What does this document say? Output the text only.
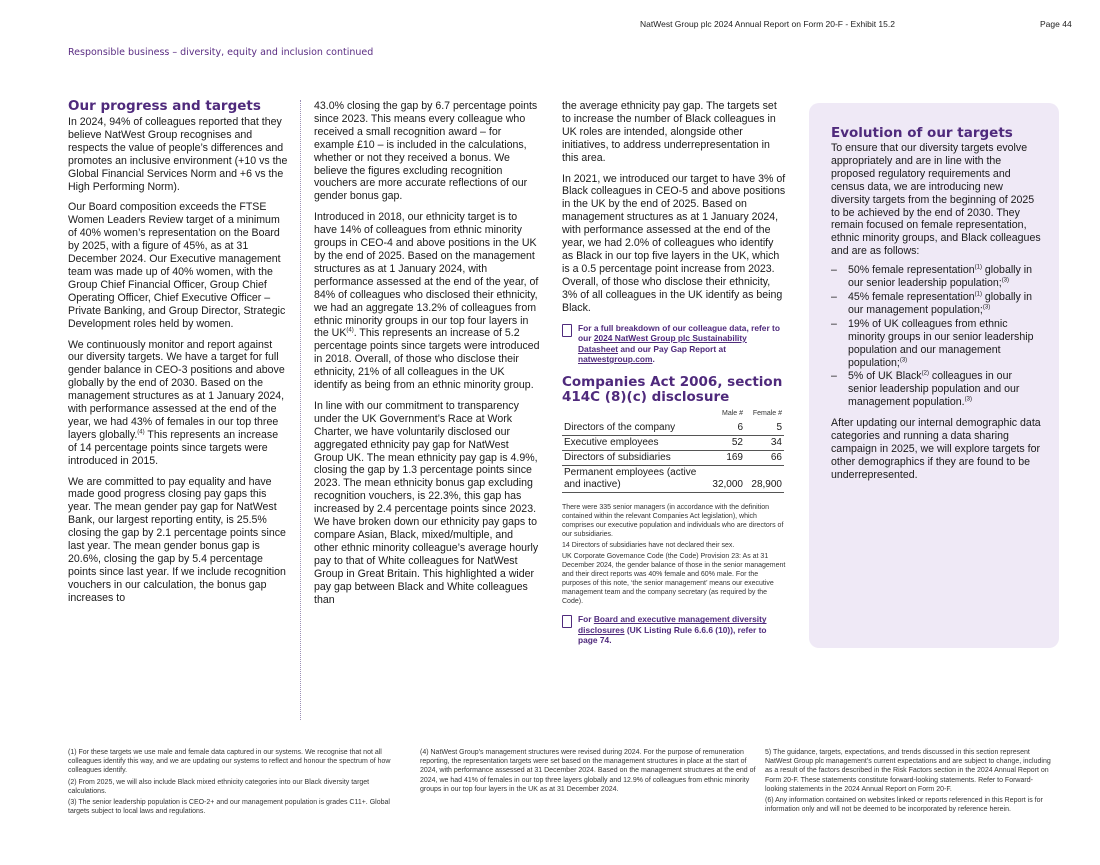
NatWest Group plc 2024 Annual Report on Form 20-F - Exhibit 15.2	Page 44
Responsible business – diversity, equity and inclusion continued
Our progress and targets

In 2024, 94% of colleagues reported that they believe NatWest Group recognises and respects the value of people’s differences and promotes an inclusive environment (+10 vs the Global Financial Services Norm and +6 vs the High Performing Norm).

Our Board composition exceeds the FTSE Women Leaders Review target of a minimum of 40% women’s representation on the Board by 2025, with a figure of 45%, as at 31 December 2024. Our Executive management team was made up of 40% women, with the Group Chief Financial Officer, Group Chief Operating Officer, Chief Executive Officer – Private Banking, and Group Director, Strategic Development roles held by women.

We continuously monitor and report against our diversity targets. We have a target for full gender balance in CEO-3 positions and above globally by the end of 2030. Based on the management structures as at 1 January 2024, with performance assessed at the end of the year, we had 43% of females in our top three layers globally.$^{(4)}$ This represents an increase of 14 percentage points since targets were introduced in 2015.

We are committed to pay equality and have made good progress closing pay gaps this year. The mean gender pay gap for NatWest Bank, our largest reporting entity, is 25.5% closing the gap by 2.1 percentage points since last year. The mean gender bonus gap is 20.6%, closing the gap by 5.4 percentage points since last year. If we include recognition vouchers in our calculation, the bonus gap increases to

43.0% closing the gap by 6.7 percentage points since 2023. This means every colleague who received a small recognition award – for example £10 – is included in the calculations, whether or not they received a bonus. We believe the figures excluding recognition vouchers are more accurate reflections of our gender bonus gap.

Introduced in 2018, our ethnicity target is to have 14% of colleagues from ethnic minority groups in CEO-4 and above positions in the UK by the end of 2025. Based on the management structures as at 1 January 2024, with performance assessed at the end of the year, of 84% of colleagues who disclosed their ethnicity, we had an aggregate 13.2% of colleagues from ethnic minority groups in our top four layers in the UK$^{(4)}$. This represents an increase of 5.2 percentage points since targets were introduced in 2018. Overall, of those who disclose their ethnicity, 21% of all colleagues in the UK identify as being from an ethnic minority group.

In line with our commitment to transparency under the UK Government’s Race at Work Charter, we have voluntarily disclosed our aggregated ethnicity pay gap for NatWest Group UK. The mean ethnicity pay gap is 4.9%, closing the gap by 1.3 percentage points since 2023. The mean ethnicity bonus gap excluding recognition vouchers, is 22.3%, this gap has increased by 2.4 percentage points since 2023. We have broken down our ethnicity pay gaps to compare Asian, Black, mixed/multiple, and other ethnic minority colleague’s average hourly pay to that of White colleagues for NatWest Group in Great Britain. This highlighted a wider pay gap between Black and White colleagues than

the average ethnicity pay gap. The targets set to increase the number of Black colleagues in UK roles are intended, alongside other initiatives, to address underrepresentation in this area.

In 2021, we introduced our target to have 3% of Black colleagues in CEO-5 and above positions in the UK by the end of 2025. Based on management structures as at 1 January 2024, with performance assessed at the end of the year, we had 2.0% of colleagues who identify as Black in our top five layers in the UK, which is a 0.5 percentage point increase from 2023. Overall, of those who disclose their ethnicity, 3% of all colleagues in the UK identify as being Black.

For a full breakdown of our colleague data, refer to our 2024 NatWest Group plc Sustainability Datasheet and our Pay Gap Report at natwestgroup.com.
Companies Act 2006, section 414C (8)(c) disclosure
	Male #	Female #
Directors of the company	6	5
Executive employees	52	34
Directors of subsidiaries	169	66
Permanent employees (active and inactive)	32,000	28,900

There were 335 senior managers (in accordance with the definition contained within the relevant Companies Act legislation), which comprises our executive population and individuals who are directors of our subsidiaries.

14 Directors of subsidiaries have not declared their sex.

UK Corporate Governance Code (the Code) Provision 23: As at 31 December 2024, the gender balance of those in the senior management and their direct reports was 40% female and 60% male. For the purposes of this note, ‘the senior management’ means our executive management team and the company secretary (as required by the Code).

For Board and executive management diversity disclosures (UK Listing Rule 6.6.6 (10)), refer to page 74.
Evolution of our targets
To ensure that our diversity targets evolve appropriately and are in line with the proposed regulatory requirements and census data, we are introducing new diversity targets from the beginning of 2025 to be achieved by the end of 2030. They remain focused on female representation, ethnic minority groups, and Black colleagues and are as follows:
– 50% female representation$^{(1)}$ globally in our senior leadership population;$^{(3)}$
– 45% female representation$^{(1)}$ globally in our management population;$^{(3)}$
– 19% of UK colleagues from ethnic minority groups in our senior leadership population and our management population;$^{(3)}$
– 5% of UK Black$^{(2)}$ colleagues in our senior leadership population and our management population.$^{(3)}$
After updating our internal demographic data categories and running a data sharing campaign in 2025, we will explore targets for other demographics if they are found to be underrepresented.

(1) For these targets we use male and female data captured in our systems. We recognise that not all colleagues identify this way, and we are updating our systems to reflect and honour the spectrum of how colleagues identify.

(2) From 2025, we will also include Black mixed ethnicity categories into our Black diversity target calculations.

(3) The senior leadership population is CEO-2+ and our management population is grades C11+. Global targets subject to local laws and regulations.

(4) NatWest Group’s management structures were revised during 2024. For the purpose of remuneration reporting, the representation targets were set based on the management structures in place at the start of 2024, with performance assessed at 31 December 2024. Based on the management structures at the end of 2024, we had 41% of females in our top three layers globally and 12.9% of colleagues from ethnic minority groups in our top four layers in the UK as at 31 December 2024.

5) The guidance, targets, expectations, and trends discussed in this section represent NatWest Group plc management’s current expectations and are subject to change, including as a result of the factors described in the Risk Factors section in the 2024 Annual Report on Form 20-F. These statements constitute forward-looking statements. Refer to Forward-looking statements in the 2024 Annual Report on Form 20-F.

(6) Any information contained on websites linked or reports referenced in this Report is for information only and will not be deemed to be incorporated by reference herein.
